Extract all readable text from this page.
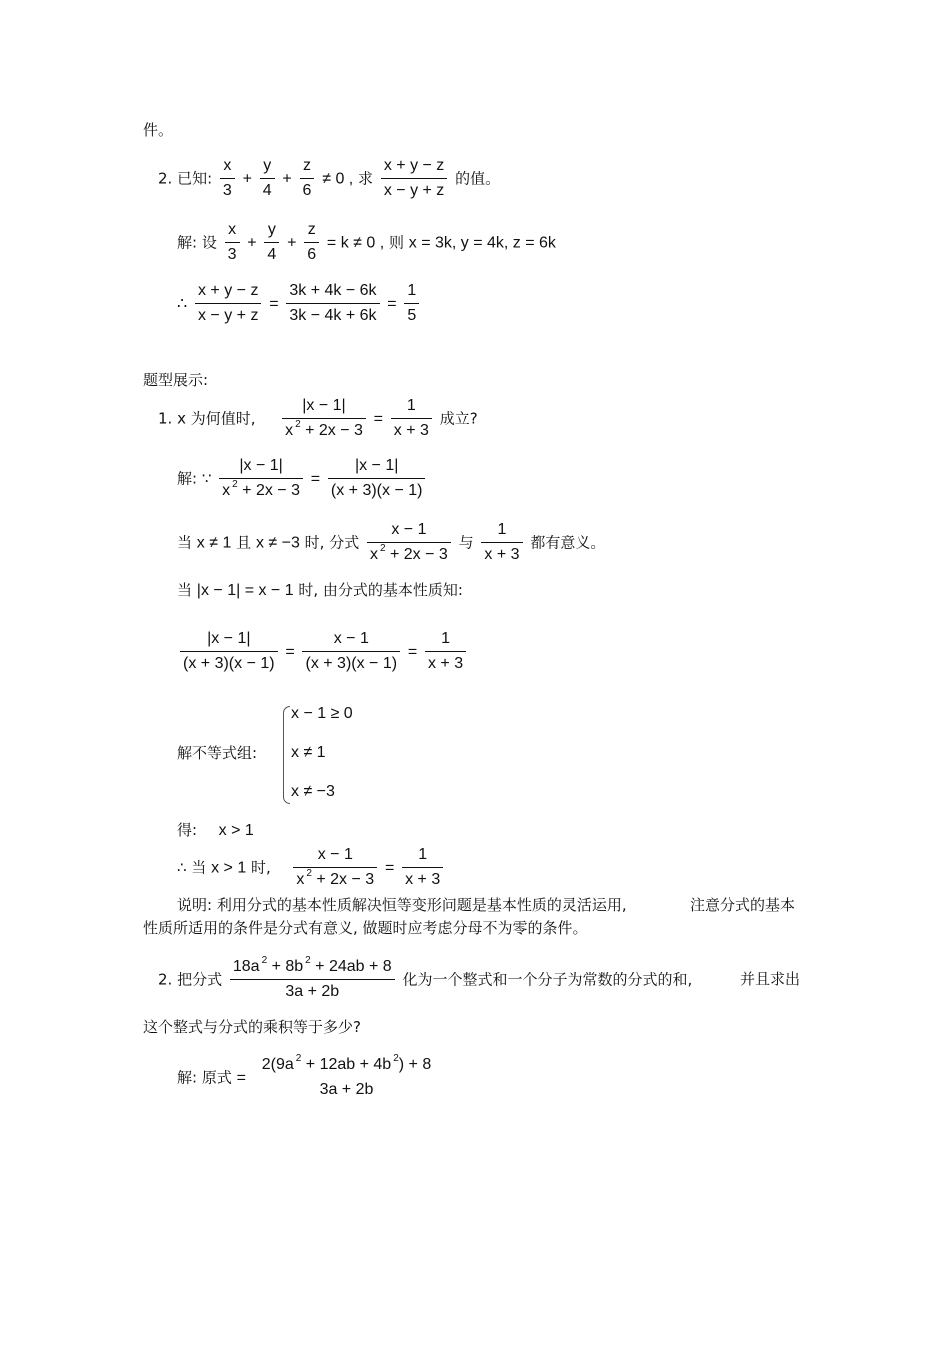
件。
2. 已知: $\frac{x}{3} + \frac{y}{4} + \frac{z}{6} \ne 0$ , 求 $\frac{x + y - z}{x - y + z}$ 的值。
解: 设 $\frac{x}{3} + \frac{y}{4} + \frac{z}{6} = k \ne 0$ , 则 x = 3k, y = 4k, z = 6k
∴ $\frac{x + y - z}{x - y + z} = \frac{3k + 4k - 6k}{3k - 4k + 6k} = \frac{1}{5}$
题型展示:
1. x 为何值时, $\frac{|x - 1|}{x ^2 + 2x - 3} = \frac{1}{x + 3}$ 成立?
解: ∵ $\frac{|x - 1|}{x ^2 + 2x - 3} = \frac{|x - 1|}{(x + 3)(x - 1)}$
当 x ≠ 1 且 x ≠ −3 时, 分式 $\frac{x - 1}{x ^2 + 2x - 3}$ 与 $\frac{1}{x + 3}$ 都有意义。
当 |x − 1| = x − 1 时, 由分式的基本性质知:
$\frac{|x - 1|}{(x + 3)(x - 1)} = \frac{x - 1}{(x + 3)(x - 1)} = \frac{1}{x + 3}$
解不等式组:
x − 1 ≥ 0
x ≠ 1
x ≠ −3
得: x > 1
∴ 当 x > 1 时, $\frac{x - 1}{x ^2 + 2x - 3} = \frac{1}{x + 3}$
说明: 利用分式的基本性质解决恒等变形问题是基本性质的灵活运用,	注意分式的基本
性质所适用的条件是分式有意义, 做题时应考虑分母不为零的条件。
2. 把分式 $\frac{18a ^2 + 8b ^2 + 24ab + 8}{3a + 2b}$ 化为一个整式和一个分子为常数的分式的和,	并且求出
这个整式与分式的乘积等于多少?
解: 原式 =
2(9a $^2$ + 12ab + 4b $^2$) + 8
3a + 2b
